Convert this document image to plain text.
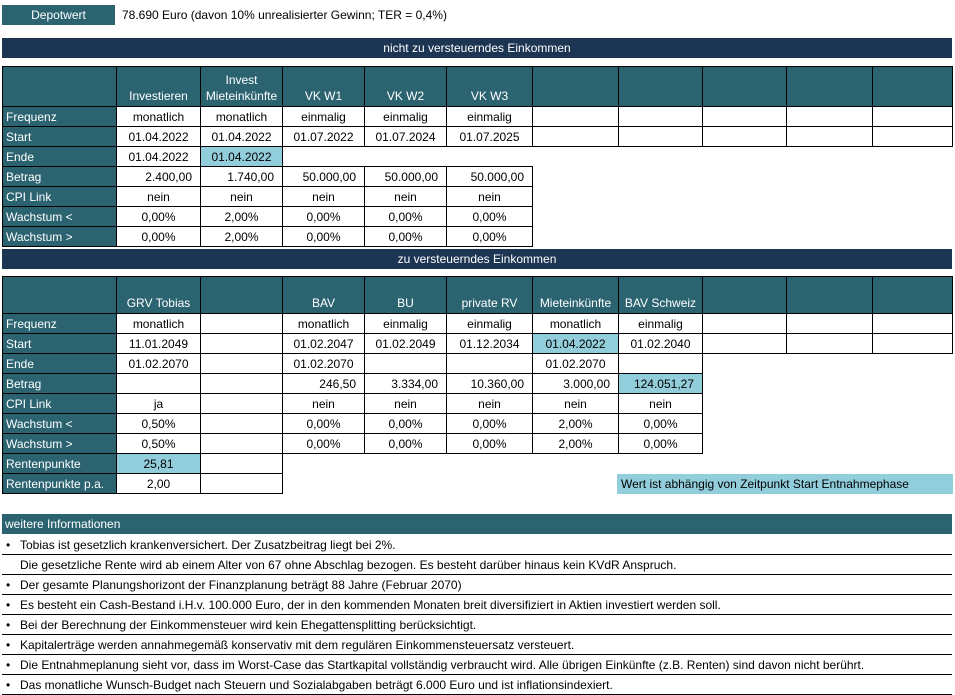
Depotwert	78.690 Euro (davon 10% unrealisierter Gewinn; TER = 0,4%)
nicht zu versteuerndes Einkommen
	Investieren	Invest Mieteinkünfte	VK W1	VK W2	VK W3					
Frequenz	monatlich	monatlich	einmalig	einmalig	einmalig					
Start	01.04.2022	01.04.2022	01.07.2022	01.07.2024	01.07.2025					
Ende	01.04.2022	01.04.2022								
Betrag	2.400,00	1.740,00	50.000,00	50.000,00	50.000,00					
CPI Link	nein	nein	nein	nein	nein					
Wachstum <	0,00%	2,00%	0,00%	0,00%	0,00%					
Wachstum >	0,00%	2,00%	0,00%	0,00%	0,00%					
zu versteuerndes Einkommen
	GRV Tobias		BAV	BU	private RV	Mieteinkünfte	BAV Schweiz			
Frequenz	monatlich		monatlich	einmalig	einmalig	monatlich	einmalig			
Start	11.01.2049		01.02.2047	01.02.2049	01.12.2034	01.04.2022	01.02.2040			
Ende	01.02.2070		01.02.2070			01.02.2070				
Betrag			246,50	3.334,00	10.360,00	3.000,00	124.051,27			
CPI Link	ja		nein	nein	nein	nein	nein			
Wachstum <	0,50%		0,00%	0,00%	0,00%	2,00%	0,00%			
Wachstum >	0,50%		0,00%	0,00%	0,00%	2,00%	0,00%			
Rentenpunkte	25,81									
Rentenpunkte p.a.	2,00										Wert ist abhängig von Zeitpunkt Start Entnahmephase
weitere Informationen
• Tobias ist gesetzlich krankenversichert. Der Zusatzbeitrag liegt bei 2%.
Die gesetzliche Rente wird ab einem Alter von 67 ohne Abschlag bezogen. Es besteht darüber hinaus kein KVdR Anspruch.
• Der gesamte Planungshorizont der Finanzplanung beträgt 88 Jahre (Februar 2070)
• Es besteht ein Cash-Bestand i.H.v. 100.000 Euro, der in den kommenden Monaten breit diversifiziert in Aktien investiert werden soll.
• Bei der Berechnung der Einkommensteuer wird kein Ehegattensplitting berücksichtigt.
• Kapitalerträge werden annahmegemäß konservativ mit dem regulären Einkommensteuersatz versteuert.
• Die Entnahmeplanung sieht vor, dass im Worst-Case das Startkapital vollständig verbraucht wird. Alle übrigen Einkünfte (z.B. Renten) sind davon nicht berührt.
• Das monatliche Wunsch-Budget nach Steuern und Sozialabgaben beträgt 6.000 Euro und ist inflationsindexiert.
